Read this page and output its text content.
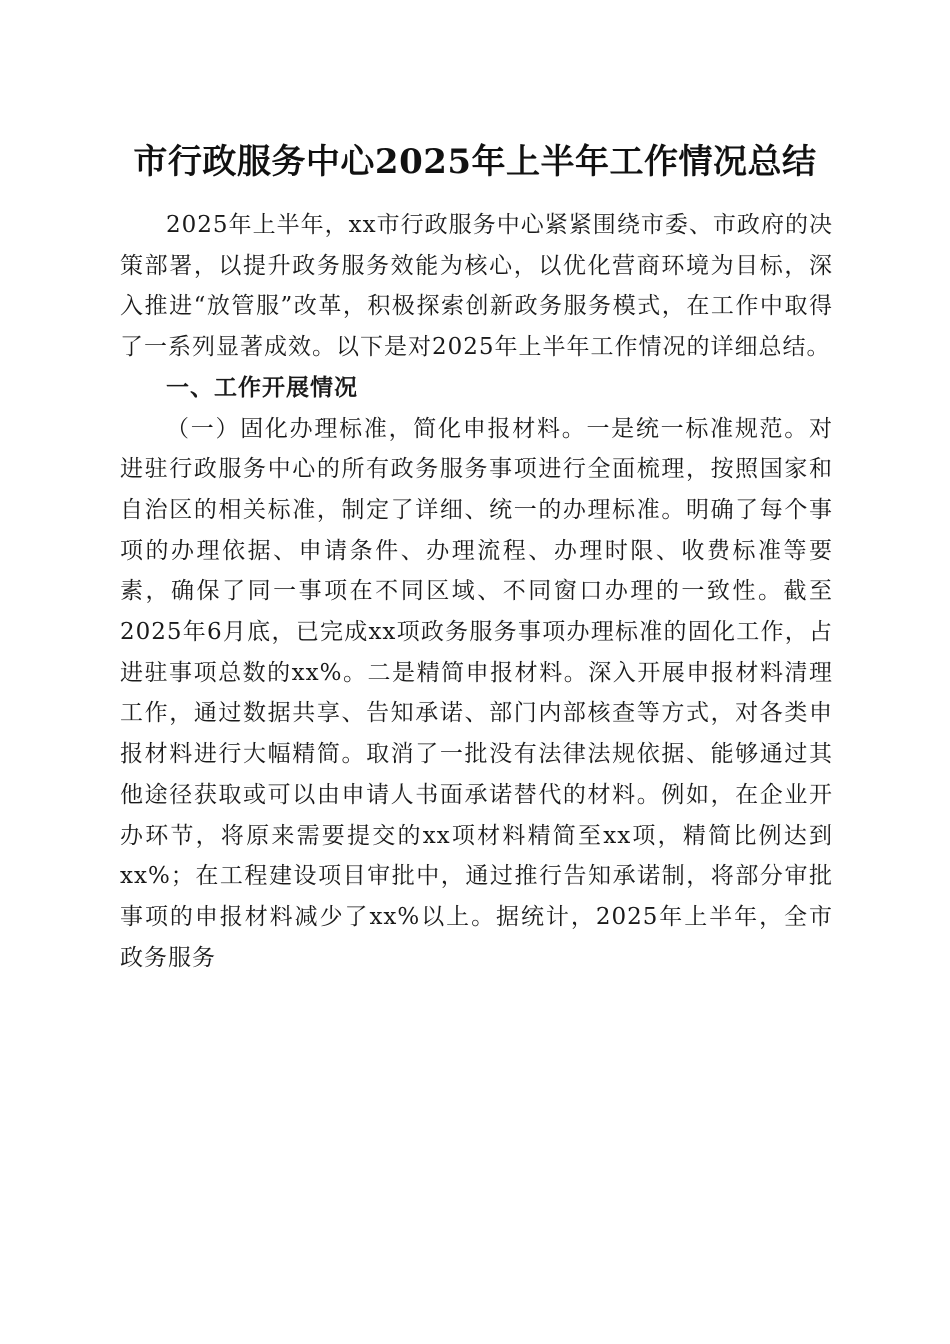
市行政服务中心2025年上半年工作情况总结

2025年上半年，xx市行政服务中心紧紧围绕市委、市政府的决策部署，以提升政务服务效能为核心，以优化营商环境为目标，深入推进“放管服”改革，积极探索创新政务服务模式，在工作中取得了一系列显著成效。以下是对2025年上半年工作情况的详细总结。

一、工作开展情况

（一）固化办理标准，简化申报材料。一是统一标准规范。对进驻行政服务中心的所有政务服务事项进行全面梳理，按照国家和自治区的相关标准，制定了详细、统一的办理标准。明确了每个事项的办理依据、申请条件、办理流程、办理时限、收费标准等要素，确保了同一事项在不同区域、不同窗口办理的一致性。截至2025年6月底，已完成xx项政务服务事项办理标准的固化工作，占进驻事项总数的xx%。二是精简申报材料。深入开展申报材料清理工作，通过数据共享、告知承诺、部门内部核查等方式，对各类申报材料进行大幅精简。取消了一批没有法律法规依据、能够通过其他途径获取或可以由申请人书面承诺替代的材料。例如，在企业开办环节，将原来需要提交的xx项材料精简至xx项，精简比例达到xx%；在工程建设项目审批中，通过推行告知承诺制，将部分审批事项的申报材料减少了xx%以上。据统计，2025年上半年，全市政务服务
